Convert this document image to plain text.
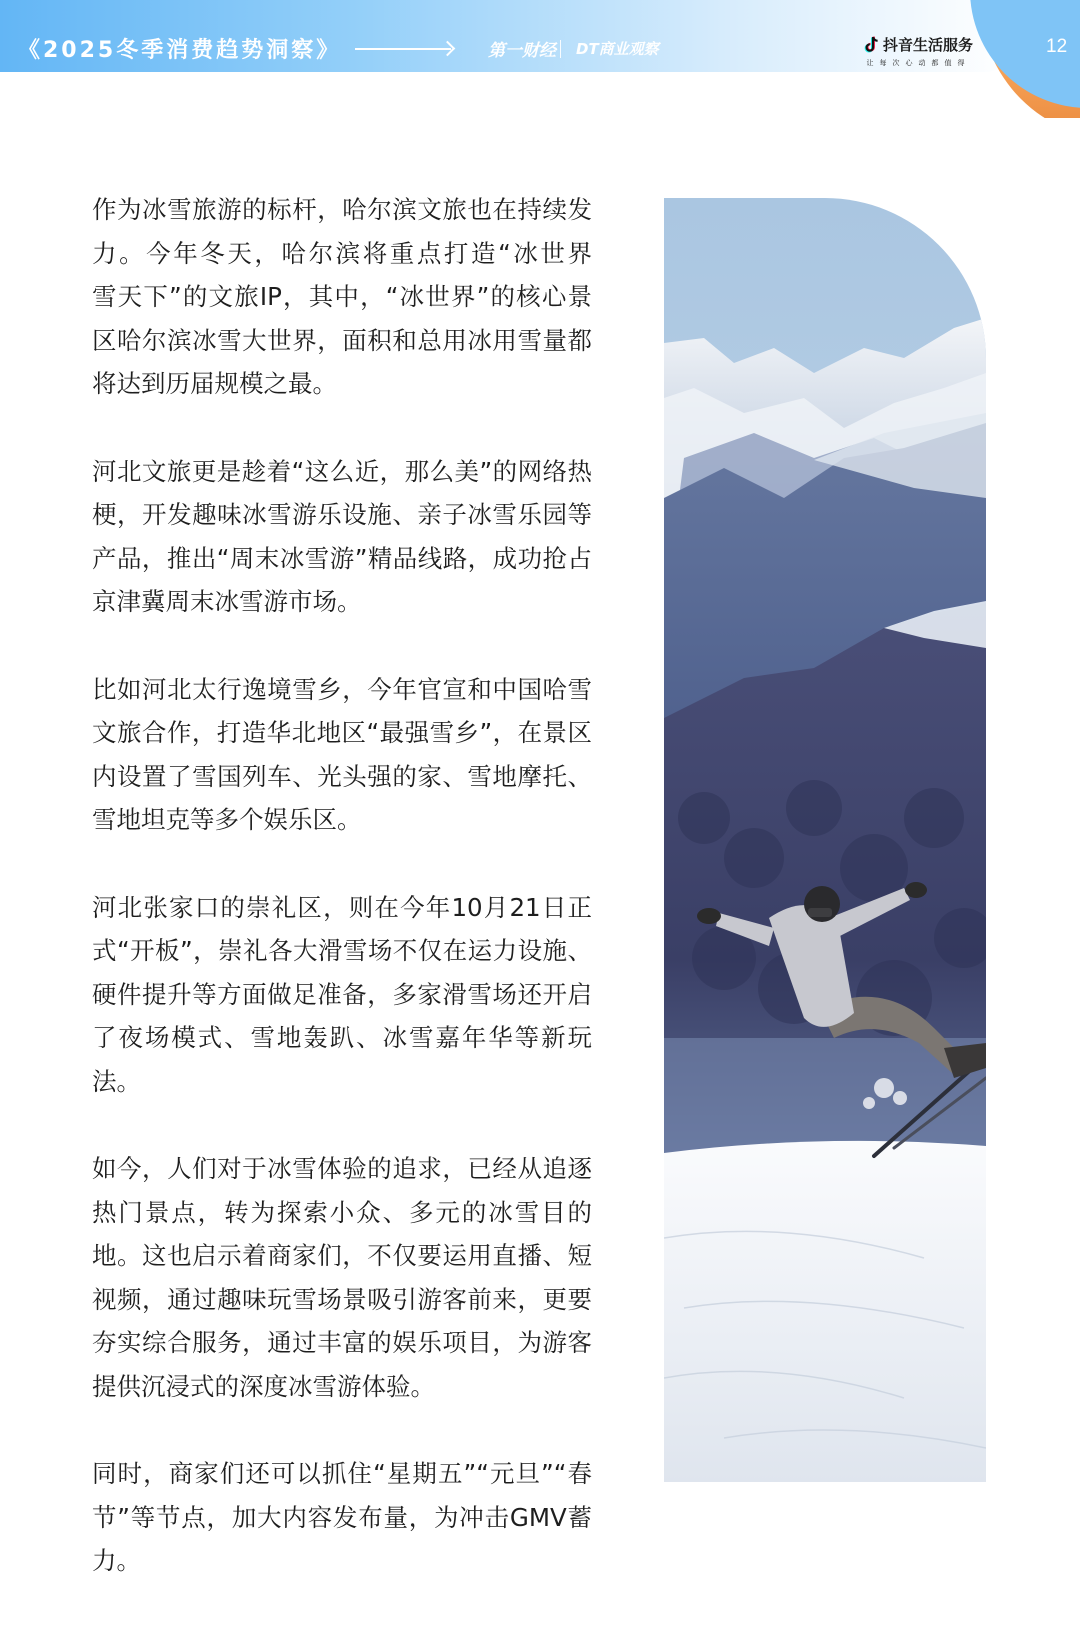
《2025冬季消费趋势洞察》	第一财经 DT商业观察	抖音生活服务
让每次心动都值得
12

作为冰雪旅游的标杆，哈尔滨文旅也在持续发力。今年冬天，哈尔滨将重点打造“冰世界　雪天下”的文旅IP，其中，“冰世界”的核心景区哈尔滨冰雪大世界，面积和总用冰用雪量都将达到历届规模之最。

河北文旅更是趁着“这么近，那么美”的网络热梗，开发趣味冰雪游乐设施、亲子冰雪乐园等产品，推出“周末冰雪游”精品线路，成功抢占京津冀周末冰雪游市场。

比如河北太行逸境雪乡，今年官宣和中国哈雪文旅合作，打造华北地区“最强雪乡”，在景区内设置了雪国列车、光头强的家、雪地摩托、雪地坦克等多个娱乐区。

河北张家口的崇礼区，则在今年10月21日正式“开板”，崇礼各大滑雪场不仅在运力设施、硬件提升等方面做足准备，多家滑雪场还开启了夜场模式、雪地轰趴、冰雪嘉年华等新玩法。

如今，人们对于冰雪体验的追求，已经从追逐热门景点，转为探索小众、多元的冰雪目的地。这也启示着商家们，不仅要运用直播、短视频，通过趣味玩雪场景吸引游客前来，更要夯实综合服务，通过丰富的娱乐项目，为游客提供沉浸式的深度冰雪游体验。

同时，商家们还可以抓住“星期五”“元旦”“春节”等节点，加大内容发布量，为冲击GMV蓄力。
